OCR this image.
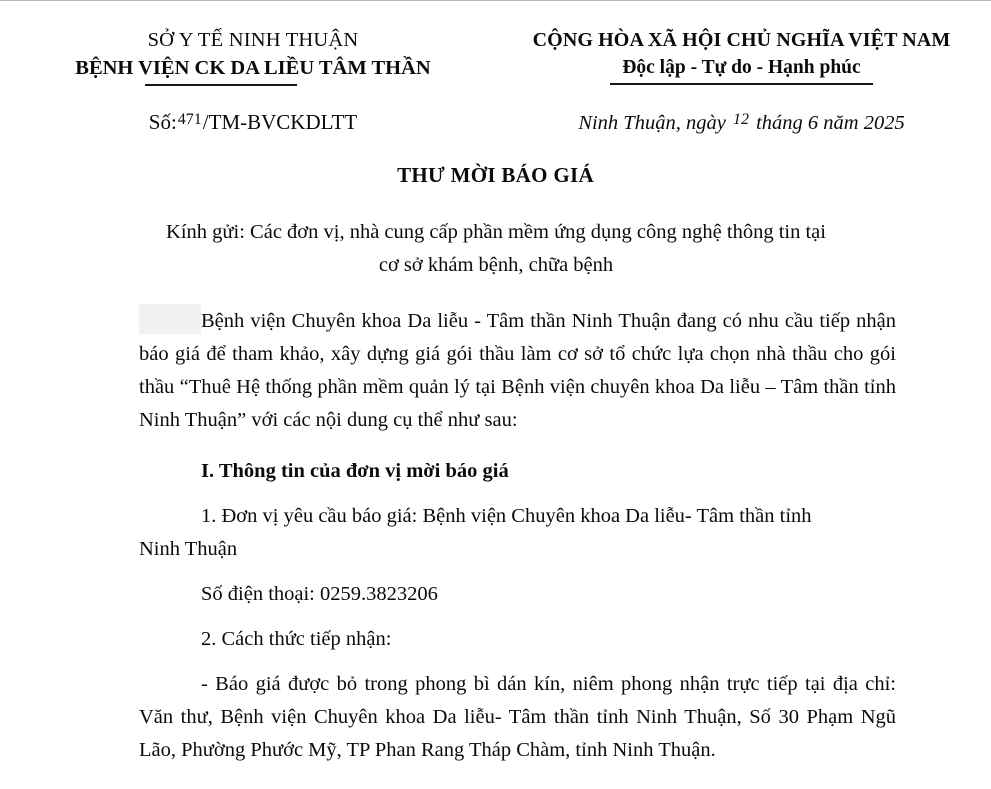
SỞ Y TẾ NINH THUẬN
BỆNH VIỆN CK DA LIỀU TÂM THẦN
CỘNG HÒA XÃ HỘI CHỦ NGHĨA VIỆT NAM
Độc lập - Tự do - Hạnh phúc
Số:$^{471}$/TM-BVCKDLTT	Ninh Thuận, ngày $^{12}$ tháng 6 năm 2025
THƯ MỜI BÁO GIÁ
Kính gửi: Các đơn vị, nhà cung cấp phần mềm ứng dụng công nghệ thông tin tại
cơ sở khám bệnh, chữa bệnh

Bệnh viện Chuyên khoa Da liễu - Tâm thần Ninh Thuận đang có nhu cầu tiếp nhận báo giá để tham khảo, xây dựng giá gói thầu làm cơ sở tổ chức lựa chọn nhà thầu cho gói thầu “Thuê Hệ thống phần mềm quản lý tại Bệnh viện chuyên khoa Da liễu – Tâm thần tỉnh Ninh Thuận” với các nội dung cụ thể như sau:

I. Thông tin của đơn vị mời báo giá

1. Đơn vị yêu cầu báo giá: Bệnh viện Chuyên khoa Da liễu- Tâm thần tỉnh

Ninh Thuận

Số điện thoại: 0259.3823206

2. Cách thức tiếp nhận:

- Báo giá được bỏ trong phong bì dán kín, niêm phong nhận trực tiếp tại địa chỉ: Văn thư, Bệnh viện Chuyên khoa Da liễu- Tâm thần tỉnh Ninh Thuận, Số 30 Phạm Ngũ Lão, Phường Phước Mỹ, TP Phan Rang Tháp Chàm, tỉnh Ninh Thuận.
